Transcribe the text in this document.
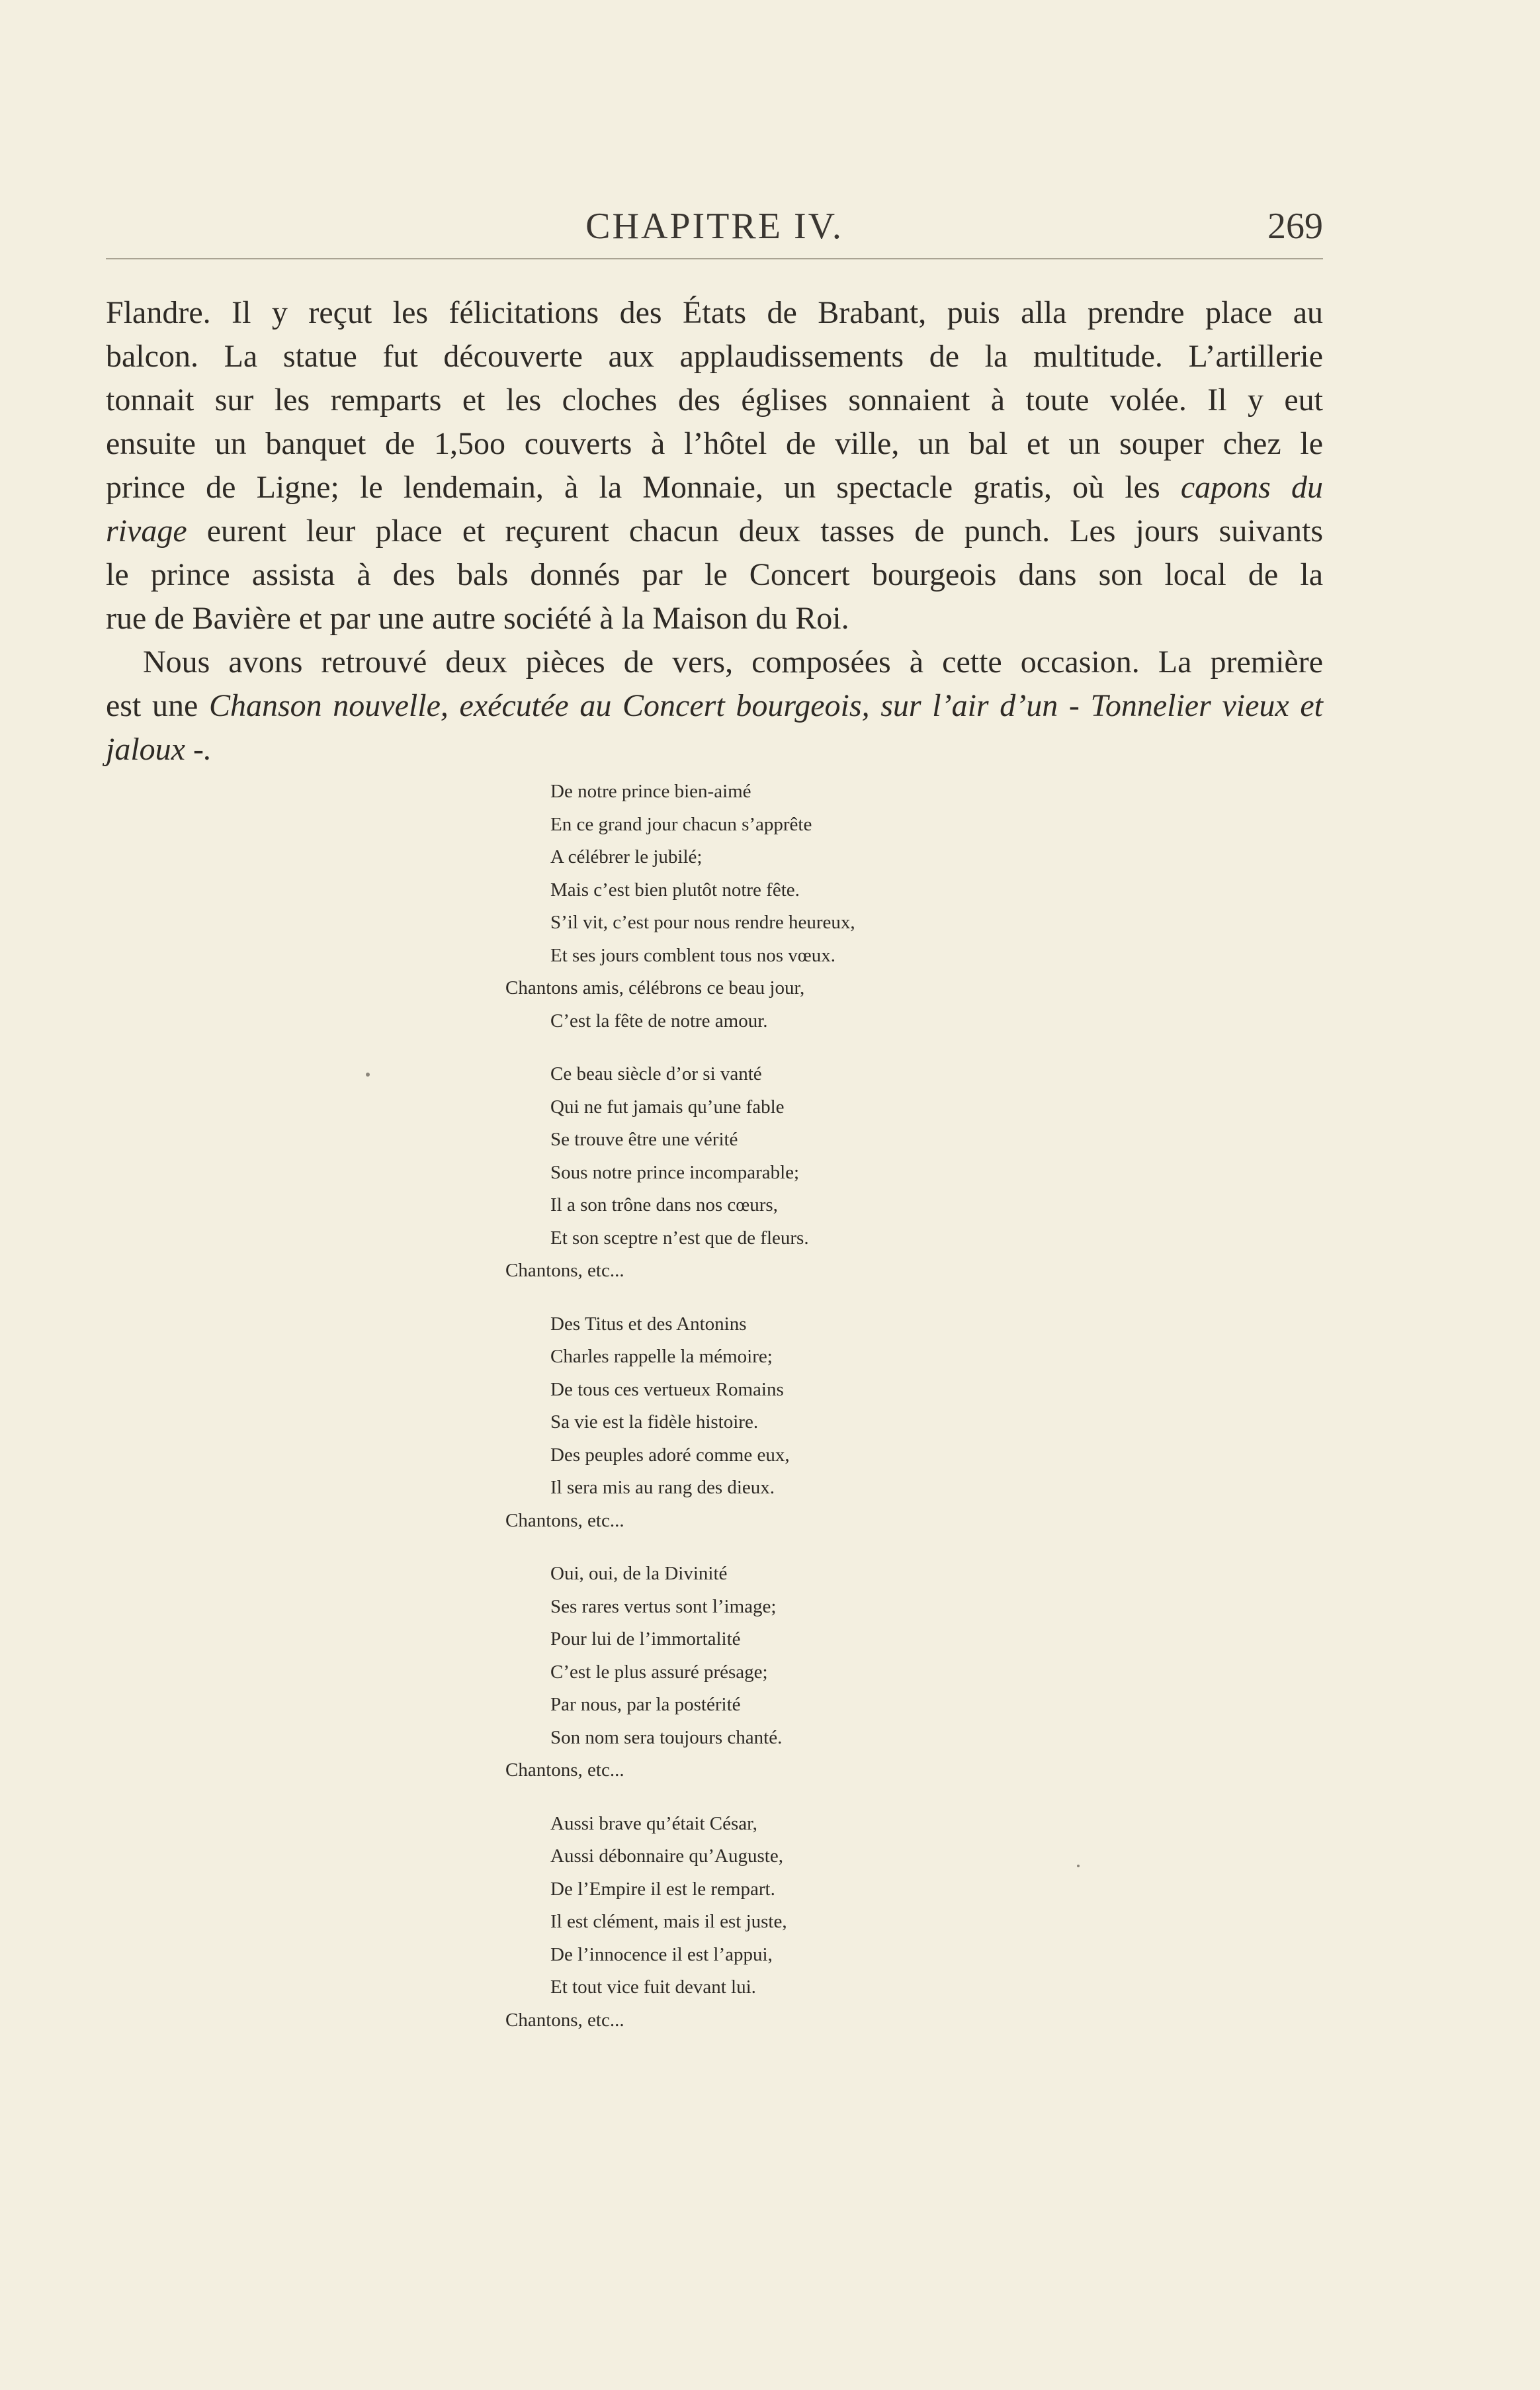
CHAPITRE IV.	269

Flandre. Il y reçut les félicitations des États de Brabant, puis alla prendre place au
balcon. La statue fut découverte aux applaudissements de la multitude. L’artillerie
tonnait sur les remparts et les cloches des églises sonnaient à toute volée. Il y eut
ensuite un banquet de 1,5oo couverts à l’hôtel de ville, un bal et un souper chez le
prince de Ligne; le lendemain, à la Monnaie, un spectacle gratis, où les capons du
rivage eurent leur place et reçurent chacun deux tasses de punch. Les jours suivants
le prince assista à des bals donnés par le Concert bourgeois dans son local de la
rue de Bavière et par une autre société à la Maison du Roi.

Nous avons retrouvé deux pièces de vers, composées à cette occasion. La première
est une Chanson nouvelle, exécutée au Concert bourgeois, sur l’air d’un - Tonnelier vieux et
jaloux -.

De notre prince bien-aimé
En ce grand jour chacun s’apprête
A célébrer le jubilé;
Mais c’est bien plutôt notre fête.
S’il vit, c’est pour nous rendre heureux,
Et ses jours comblent tous nos vœux.
Chantons amis, célébrons ce beau jour,
C’est la fête de notre amour.
Ce beau siècle d’or si vanté
Qui ne fut jamais qu’une fable
Se trouve être une vérité
Sous notre prince incomparable;
Il a son trône dans nos cœurs,
Et son sceptre n’est que de fleurs.
Chantons, etc...
Des Titus et des Antonins
Charles rappelle la mémoire;
De tous ces vertueux Romains
Sa vie est la fidèle histoire.
Des peuples adoré comme eux,
Il sera mis au rang des dieux.
Chantons, etc...
Oui, oui, de la Divinité
Ses rares vertus sont l’image;
Pour lui de l’immortalité
C’est le plus assuré présage;
Par nous, par la postérité
Son nom sera toujours chanté.
Chantons, etc...
Aussi brave qu’était César,
Aussi débonnaire qu’Auguste,
De l’Empire il est le rempart.
Il est clément, mais il est juste,
De l’innocence il est l’appui,
Et tout vice fuit devant lui.
Chantons, etc...
